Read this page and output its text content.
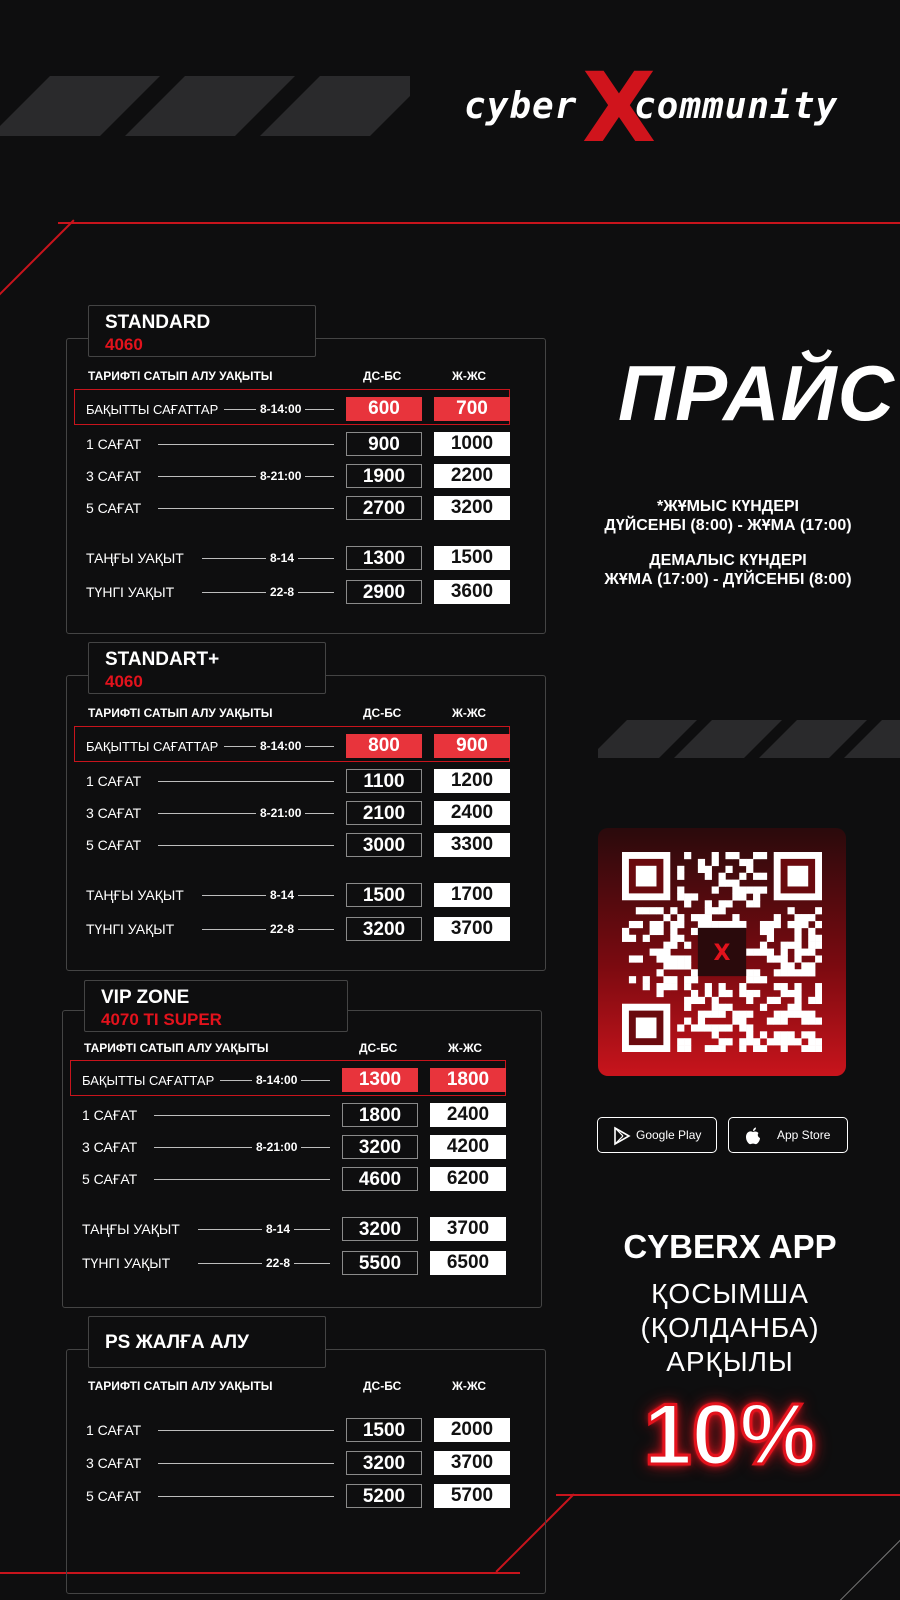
cyber X
community
STANDARD
4060
ТАРИФТІ САТЫП АЛУ УАҚЫТЫ	ДС-БС	Ж-ЖС
БАҚЫТТЫ САҒАТТАР	8-14:00	600	700
1 САҒАТ	900	1000
3 САҒАТ	8-21:00	1900	2200
5 САҒАТ	2700	3200
ТАҢҒЫ УАҚЫТ	8-14	1300	1500
ТҮНГІ УАҚЫТ	22-8	2900	3600
STANDART+
4060
ТАРИФТІ САТЫП АЛУ УАҚЫТЫ	ДС-БС	Ж-ЖС
БАҚЫТТЫ САҒАТТАР	8-14:00	800	900
1 САҒАТ	1100	1200
3 САҒАТ	8-21:00	2100	2400
5 САҒАТ	3000	3300
ТАҢҒЫ УАҚЫТ	8-14	1500	1700
ТҮНГІ УАҚЫТ	22-8	3200	3700
VIP ZONE
4070 TI SUPER
ТАРИФТІ САТЫП АЛУ УАҚЫТЫ	ДС-БС	Ж-ЖС
БАҚЫТТЫ САҒАТТАР	8-14:00	1300	1800
1 САҒАТ	1800	2400
3 САҒАТ	8-21:00	3200	4200
5 САҒАТ	4600	6200
ТАҢҒЫ УАҚЫТ	8-14	3200	3700
ТҮНГІ УАҚЫТ	22-8	5500	6500
PS ЖАЛҒА АЛУ
ТАРИФТІ САТЫП АЛУ УАҚЫТЫ	ДС-БС	Ж-ЖС
1 САҒАТ	1500	2000
3 САҒАТ	3200	3700
5 САҒАТ	5200	5700
ПРАЙС
*ЖҰМЫС КҮНДЕРІ
ДҮЙСЕНБІ (8:00) - ЖҰМА (17:00)
ДЕМАЛЫС КҮНДЕРІ
ЖҰМА (17:00) - ДҮЙСЕНБІ (8:00)
X
Google Play	App Store
CYBERX APP
ҚОСЫМША
(ҚОЛДАНБА)
АРҚЫЛЫ
10%
